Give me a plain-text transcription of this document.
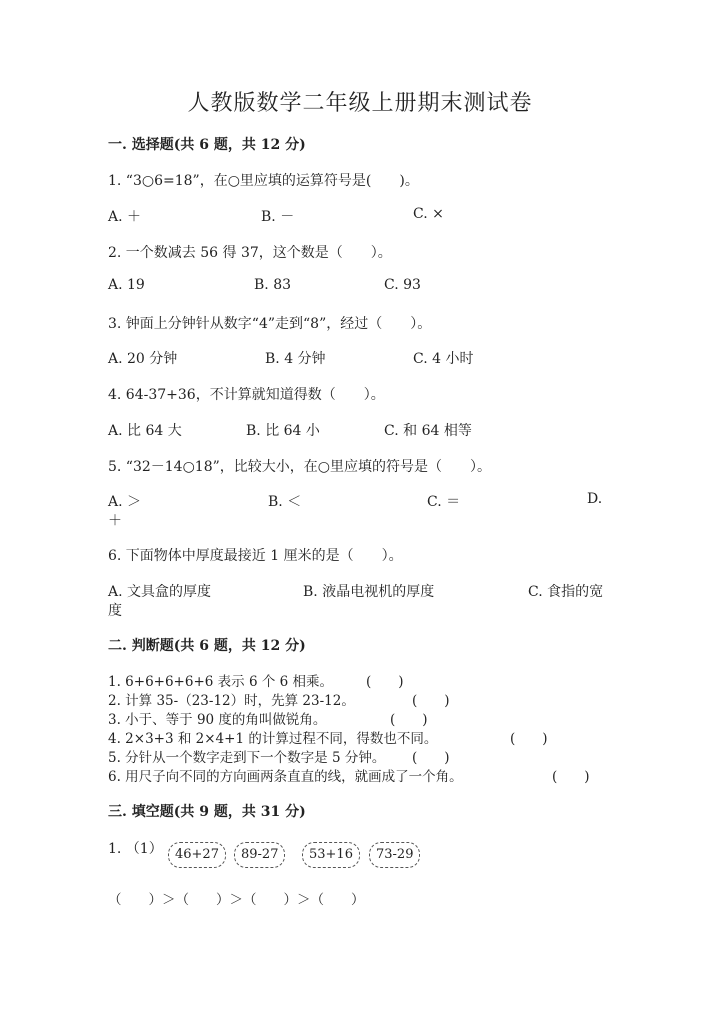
人教版数学二年级上册期末测试卷
一. 选择题(共 6 题，共 12 分)
1. “3○6=18”，在○里应填的运算符号是(　　)。
A. ＋	B. －	C. ×
2. 一个数减去 56 得 37，这个数是（　　）。
A. 19	B. 83	C. 93
3. 钟面上分钟针从数字“4”走到“8”，经过（　　）。
A. 20 分钟	B. 4 分钟	C. 4 小时
4. 64-37+36，不计算就知道得数（　　）。
A. 比 64 大	B. 比 64 小	C. 和 64 相等
5. “32－14○18”，比较大小，在○里应填的符号是（　　）。
A. ＞	B. ＜	C. ＝	D.
＋
6. 下面物体中厚度最接近 1 厘米的是（　　）。
A. 文具盒的厚度	B. 液晶电视机的厚度	C. 食指的宽
度
二. 判断题(共 6 题，共 12 分)
1. 6+6+6+6+6 表示 6 个 6 相乘。 (　　)
2. 计算 35-（23-12）时，先算 23-12。	(　　)
3. 小于、等于 90 度的角叫做锐角。	(　　)
4. 2×3+3 和 2×4+1 的计算过程不同，得数也不同。	(　　)
5. 分针从一个数字走到下一个数字是 5 分钟。 (　　)
6. 用尺子向不同的方向画两条直直的线，就画成了一个角。	(　　)
三. 填空题(共 9 题，共 31 分)
1. （1） 46+27	89-27	53+16	73-29
（　　）＞（　　）＞（　　）＞（　　）
